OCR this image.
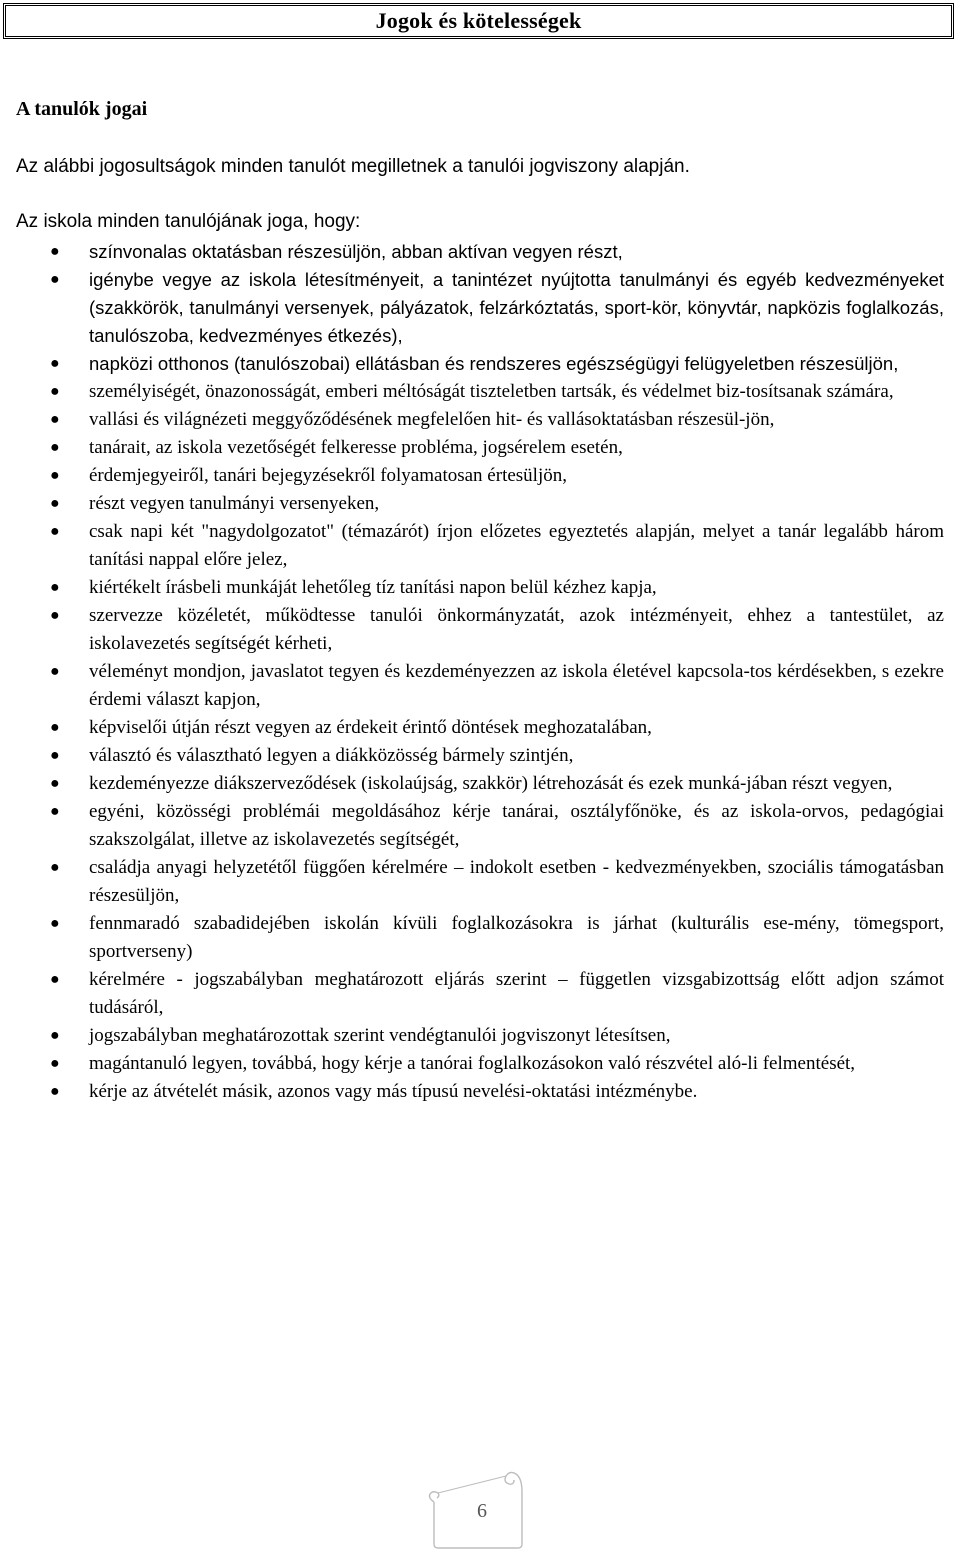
Jogok és kötelességek
A tanulók jogai

Az alábbi jogosultságok minden tanulót megilletnek a tanulói jogviszony alapján.

Az iskola minden tanulójának joga, hogy:

●	színvonalas oktatásban részesüljön, abban aktívan vegyen részt,
●	igénybe vegye az iskola létesítményeit, a tanintézet nyújtotta tanulmányi és egyéb kedvezményeket (szakkörök, tanulmányi versenyek, pályázatok, felzárkóztatás, sport-kör, könyvtár, napközis foglalkozás, tanulószoba, kedvezményes étkezés),
●	napközi otthonos (tanulószobai) ellátásban és rendszeres egészségügyi felügyeletben részesüljön,
●	személyiségét, önazonosságát, emberi méltóságát tiszteletben tartsák, és védelmet biz-tosítsanak számára,
●	vallási és világnézeti meggyőződésének megfelelően hit- és vallásoktatásban részesül-jön,
●	tanárait, az iskola vezetőségét felkeresse probléma, jogsérelem esetén,
●	érdemjegyeiről, tanári bejegyzésekről folyamatosan értesüljön,
●	részt vegyen tanulmányi versenyeken,
●	csak napi két "nagydolgozatot" (témazárót) írjon előzetes egyeztetés alapján, melyet a tanár legalább három tanítási nappal előre jelez,
●	kiértékelt írásbeli munkáját lehetőleg tíz tanítási napon belül kézhez kapja,
●	szervezze közéletét, működtesse tanulói önkormányzatát, azok intézményeit, ehhez a tantestület, az iskolavezetés segítségét kérheti,
●	véleményt mondjon, javaslatot tegyen és kezdeményezzen az iskola életével kapcsola-tos kérdésekben, s ezekre érdemi választ kapjon,
●	képviselői útján részt vegyen az érdekeit érintő döntések meghozatalában,
●	választó és választható legyen a diákközösség bármely szintjén,
●	kezdeményezze diákszerveződések (iskolaújság, szakkör) létrehozását és ezek munká-jában részt vegyen,
●	egyéni, közösségi problémái megoldásához kérje tanárai, osztályfőnöke, és az iskola-orvos, pedagógiai szakszolgálat, illetve az iskolavezetés segítségét,
●	családja anyagi helyzetétől függően kérelmére – indokolt esetben - kedvezményekben, szociális támogatásban részesüljön,
●	fennmaradó szabadidejében iskolán kívüli foglalkozásokra is járhat (kulturális ese-mény, tömegsport, sportverseny)
●	kérelmére - jogszabályban meghatározott eljárás szerint – független vizsgabizottság előtt adjon számot tudásáról,
●	jogszabályban meghatározottak szerint vendégtanulói jogviszonyt létesítsen,
●	magántanuló legyen, továbbá, hogy kérje a tanórai foglalkozásokon való részvétel aló-li felmentését,
●	kérje az átvételét másik, azonos vagy más típusú nevelési-oktatási intézménybe.
6
